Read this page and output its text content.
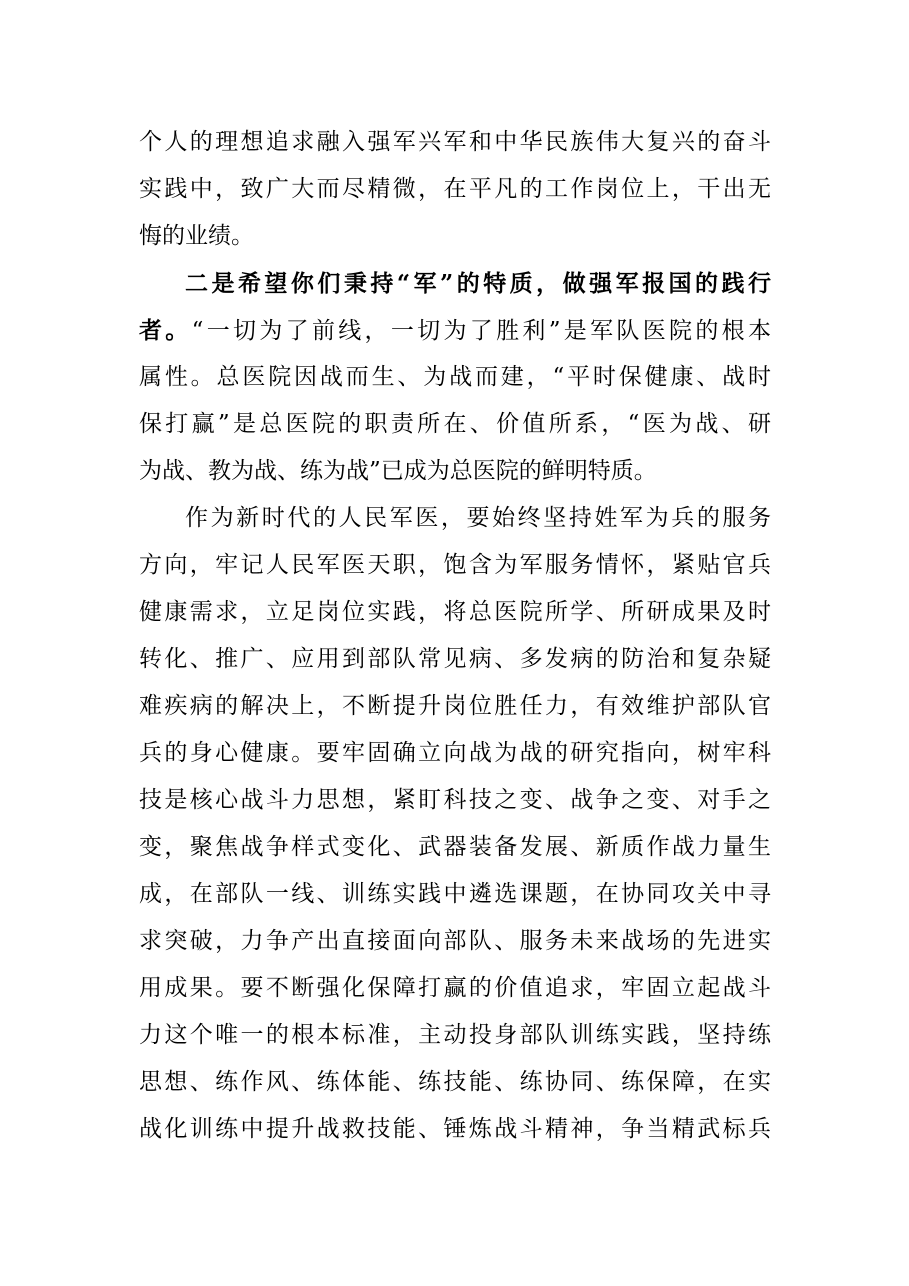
个人的理想追求融入强军兴军和中华民族伟大复兴的奋斗
实践中，致广大而尽精微，在平凡的工作岗位上，干出无
悔的业绩。
二是希望你们秉持“军”的特质，做强军报国的践行
者。“一切为了前线，一切为了胜利”是军队医院的根本
属性。总医院因战而生、为战而建，“平时保健康、战时
保打赢”是总医院的职责所在、价值所系，“医为战、研
为战、教为战、练为战”已成为总医院的鲜明特质。
作为新时代的人民军医，要始终坚持姓军为兵的服务
方向，牢记人民军医天职，饱含为军服务情怀，紧贴官兵
健康需求，立足岗位实践，将总医院所学、所研成果及时
转化、推广、应用到部队常见病、多发病的防治和复杂疑
难疾病的解决上，不断提升岗位胜任力，有效维护部队官
兵的身心健康。要牢固确立向战为战的研究指向，树牢科
技是核心战斗力思想，紧盯科技之变、战争之变、对手之
变，聚焦战争样式变化、武器装备发展、新质作战力量生
成，在部队一线、训练实践中遴选课题，在协同攻关中寻
求突破，力争产出直接面向部队、服务未来战场的先进实
用成果。要不断强化保障打赢的价值追求，牢固立起战斗
力这个唯一的根本标准，主动投身部队训练实践，坚持练
思想、练作风、练体能、练技能、练协同、练保障，在实
战化训练中提升战救技能、锤炼战斗精神，争当精武标兵
